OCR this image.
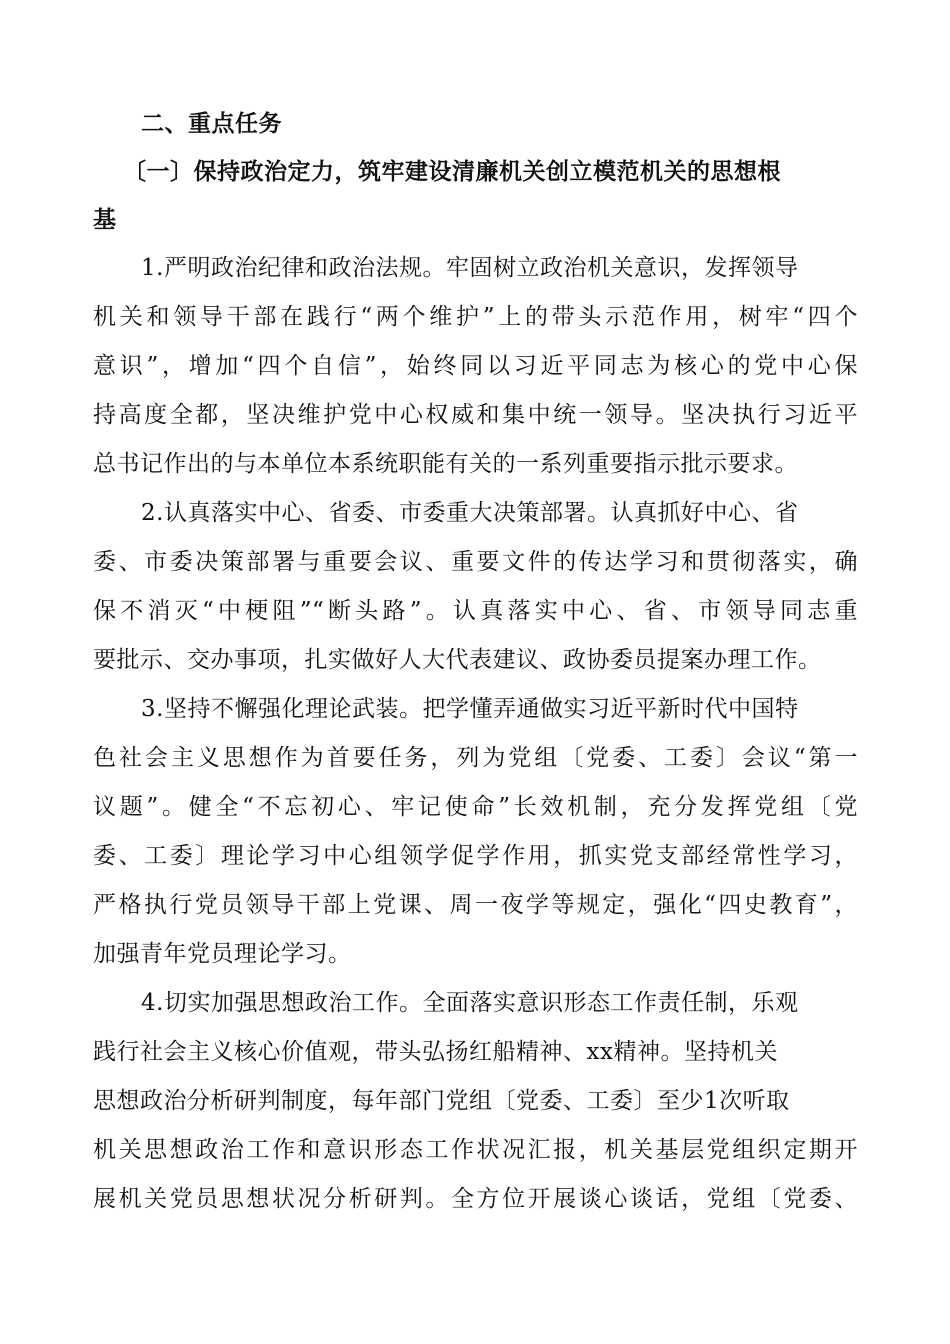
二、重点任务
〔一〕保持政治定力，筑牢建设清廉机关创立模范机关的思想根
基
1.严明政治纪律和政治法规。牢固树立政治机关意识，发挥领导
机关和领导干部在践行“两个维护”上的带头示范作用，树牢“四个
意识”，增加“四个自信”，始终同以习近平同志为核心的党中心保
持高度全都，坚决维护党中心权威和集中统一领导。坚决执行习近平
总书记作出的与本单位本系统职能有关的一系列重要指示批示要求。
2.认真落实中心、省委、市委重大决策部署。认真抓好中心、省
委、市委决策部署与重要会议、重要文件的传达学习和贯彻落实，确
保不消灭“中梗阻”“断头路”。认真落实中心、省、市领导同志重
要批示、交办事项，扎实做好人大代表建议、政协委员提案办理工作。
3.坚持不懈强化理论武装。把学懂弄通做实习近平新时代中国特
色社会主义思想作为首要任务，列为党组〔党委、工委〕会议“第一
议题”。健全“不忘初心、牢记使命”长效机制，充分发挥党组〔党
委、工委〕理论学习中心组领学促学作用，抓实党支部经常性学习，
严格执行党员领导干部上党课、周一夜学等规定，强化“四史教育”，
加强青年党员理论学习。
4.切实加强思想政治工作。全面落实意识形态工作责任制，乐观
践行社会主义核心价值观，带头弘扬红船精神、xx精神。坚持机关
思想政治分析研判制度，每年部门党组〔党委、工委〕至少1次听取
机关思想政治工作和意识形态工作状况汇报，机关基层党组织定期开
展机关党员思想状况分析研判。全方位开展谈心谈话，党组〔党委、
